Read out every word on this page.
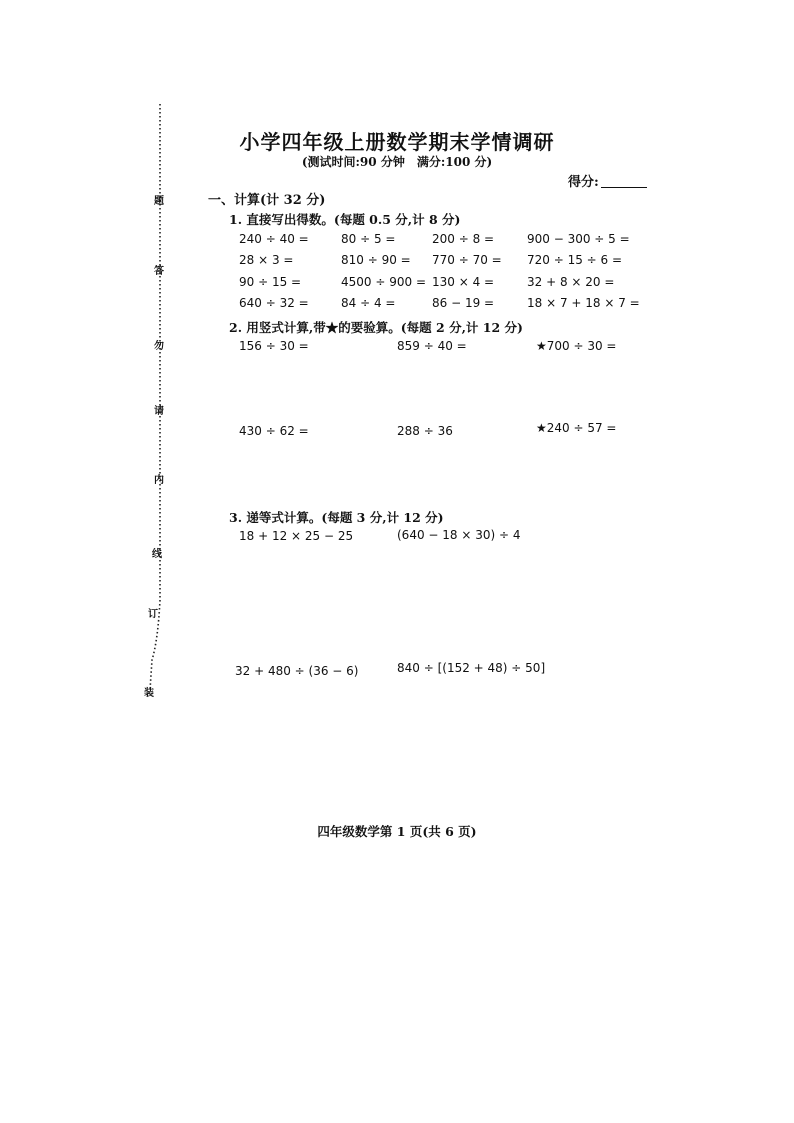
题
答
勿
请
内
线
订
装
小学四年级上册数学期末学情调研
(测试时间:90 分钟　满分:100 分)
得分:
一、计算(计 32 分)
1. 直接写出得数。(每题 0.5 分,计 8 分)
240 ÷ 40 =	80 ÷ 5 =	200 ÷ 8 =	900 − 300 ÷ 5 =
28 × 3 =	810 ÷ 90 = 770 ÷ 70 = 720 ÷ 15 ÷ 6 =
90 ÷ 15 =	4500 ÷ 900 = 130 × 4 =	32 + 8 × 20 =
640 ÷ 32 =	84 ÷ 4 =	86 − 19 =	18 × 7 + 18 × 7 =
2. 用竖式计算,带★的要验算。(每题 2 分,计 12 分)
156 ÷ 30 =	859 ÷ 40 =	★700 ÷ 30 =
430 ÷ 62 =	288 ÷ 36	★240 ÷ 57 =
3. 递等式计算。(每题 3 分,计 12 分)
18 + 12 × 25 − 25	(640 − 18 × 30) ÷ 4
32 + 480 ÷ (36 − 6)	840 ÷ [(152 + 48) ÷ 50]
四年级数学第 1 页(共 6 页)
